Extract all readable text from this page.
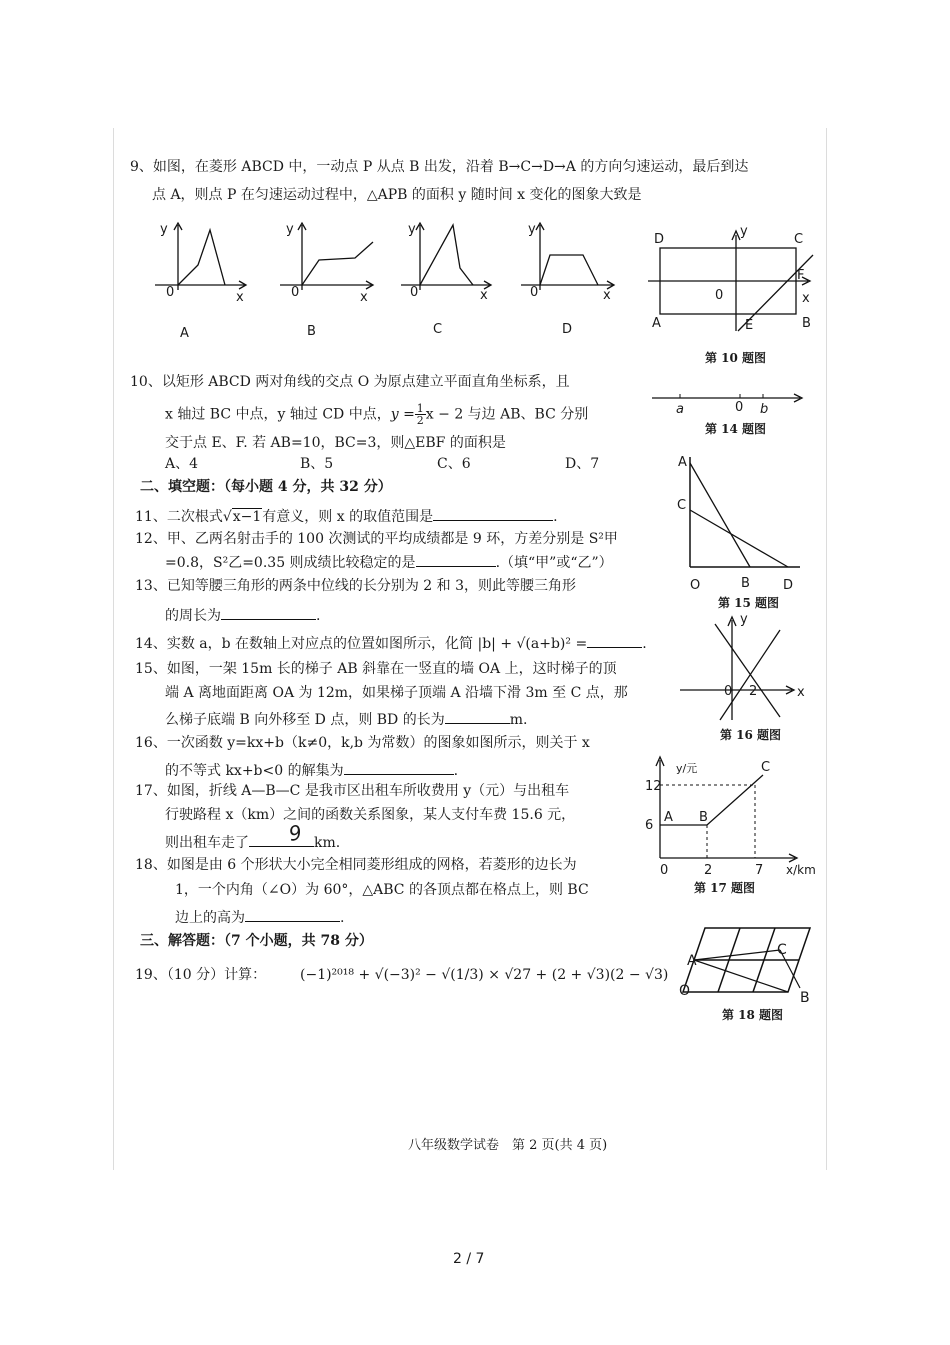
9、如图，在菱形 ABCD 中，一动点 P 从点 B 出发，沿着 B→C→D→A 的方向匀速运动，最后到达
点 A，则点 P 在匀速运动过程中，△APB 的面积 y 随时间 x 变化的图象大致是
y
0	x
A
y
0	x
B
y
0	x
C
y
0	x
D
D
y
C
F
0	x
A	E	B
第 10 题图
10、以矩形 ABCD 两对角线的交点 O 为原点建立平面直角坐标系，且
x 轴过 BC 中点，y 轴过 CD 中点，$y = \frac{1}{2}$ x − 2 与边 AB、BC 分别
交于点 E、F. 若 AB=10，BC=3，则△EBF 的面积是
A、4	B、5	C、6	D、7
a	0 b
第 14 题图
二、填空题：（每小题 4 分，共 32 分）
11、二次根式√x−1有意义，则 x 的取值范围是	.
12、甲、乙两名射击手的 100 次测试的平均成绩都是 9 环，方差分别是 S²甲
=0.8，S²乙=0.35 则成绩比较稳定的是	.（填“甲”或“乙”）
13、已知等腰三角形的两条中位线的长分别为 2 和 3，则此等腰三角形
的周长为	.
14、实数 a，b 在数轴上对应点的位置如图所示，化简 |b| + √(a+b)² =	.
A
C
O	B	D
第 15 题图
15、如图，一架 15m 长的梯子 AB 斜靠在一竖直的墙 OA 上，这时梯子的顶
端 A 离地面距离 OA 为 12m，如果梯子顶端 A 沿墙下滑 3m 至 C 点，那
么梯子底端 B 向外移至 D 点，则 BD 的长为	m.
y
0 2	x
第 16 题图
16、一次函数 y=kx+b（k≠0，k,b 为常数）的图象如图所示，则关于 x
的不等式 kx+b<0 的解集为	.
17、如图，折线 A—B—C 是我市区出租车所收费用 y（元）与出租车
行驶路程 x（km）之间的函数关系图象，某人支付车费 15.6 元，
则出租车走了 9 km.
y/元
12
6
A B
C
0	2	7 x/km
第 17 题图
18、如图是由 6 个形状大小完全相同菱形组成的网格，若菱形的边长为
1，一个内角（∠O）为 60°，△ABC 的各顶点都在格点上，则 BC
边上的高为	.
A
O
C
B
第 18 题图
三、解答题：（7 个小题，共 78 分）
19、（10 分）计算： (−1)²⁰¹⁸ + √(−3)² − √(1/3) × √27 + (2 + √3)(2 − √3)
八年级数学试卷　第 2 页(共 4 页)
2 / 7
